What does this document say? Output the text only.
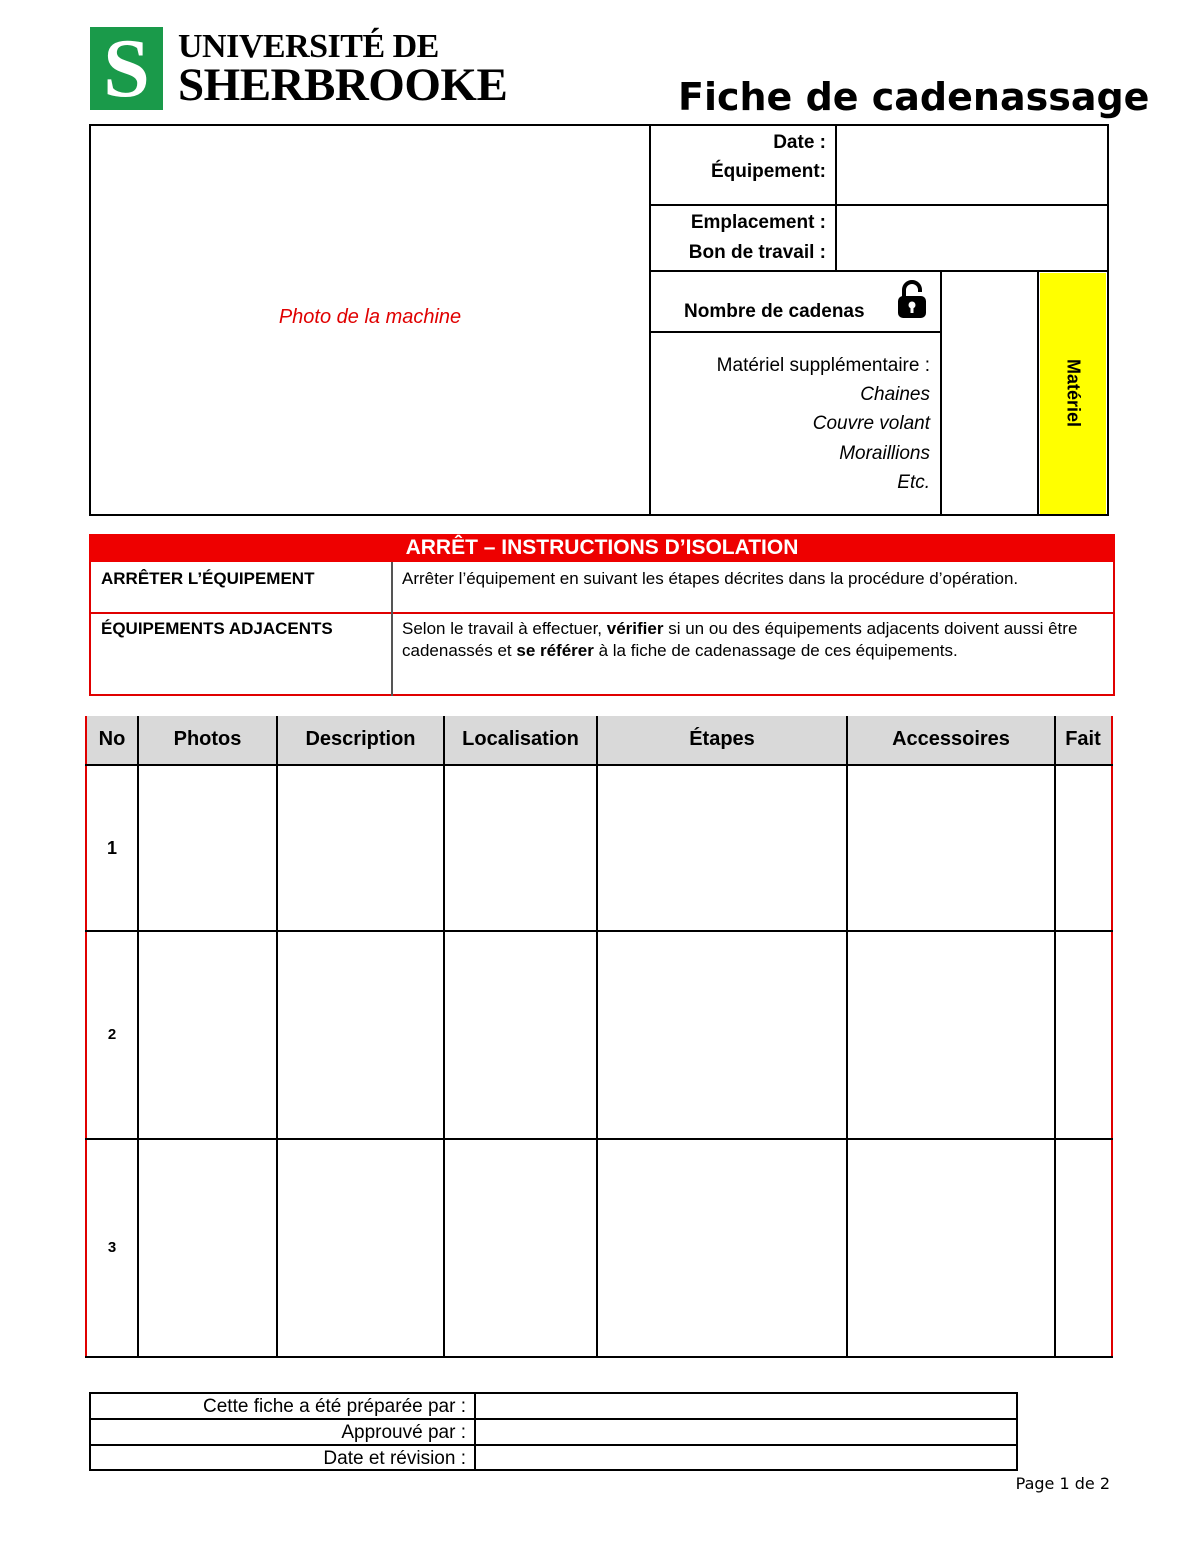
S UNIVERSITÉ DE
SHERBROOKE	Fiche de cadenassage
Photo de la machine
Date :
Équipement:
Emplacement :
Bon de travail :
Nombre de cadenas
Matériel supplémentaire :
Chaines
Couvre volant
Moraillions
Etc.
Matériel
ARRÊT – INSTRUCTIONS D’ISOLATION
ARRÊTER L’ÉQUIPEMENT	Arrêter l’équipement en suivant les étapes décrites dans la procédure d’opération.
ÉQUIPEMENTS ADJACENTS	Selon le travail à effectuer, vérifier si un ou des équipements adjacents doivent aussi être cadenassés et se référer à la fiche de cadenassage de ces équipements.
No	Photos	Description	Localisation	Étapes	Accessoires	Fait
1
2
3
Cette fiche a été préparée par :
Approuvé par :
Date et révision :
Page 1 de 2
